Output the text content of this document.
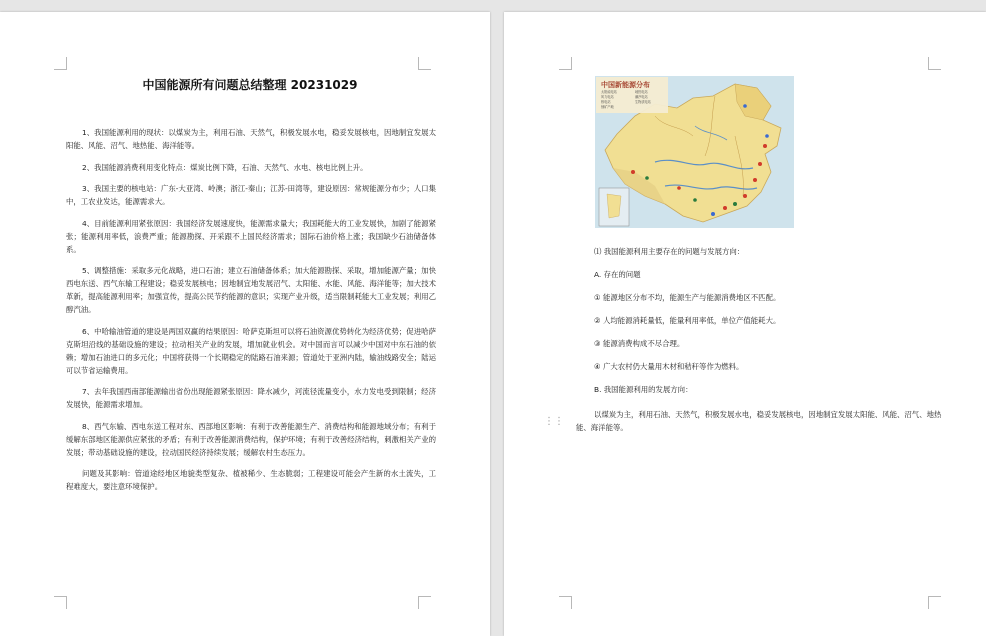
中国能源所有问题总结整理 20231029

1、我国能源利用的现状：以煤炭为主，利用石油、天然气，积极发展水电，稳妥发展核电，因地制宜发展太阳能、风能、沼气、地热能、海洋能等。

2、我国能源消费利用变化特点：煤炭比例下降，石油、天然气、水电、核电比例上升。

3、我国主要的核电站：广东-大亚湾、岭澳；浙江-秦山；江苏-田湾等，建设原因：常规能源分布少；人口集中，工农业发达，能源需求大。

4、目前能源利用紧张原因：我国经济发展速度快，能源需求量大；我国耗能大的工业发展快，加剧了能源紧张；能源利用率低，浪费严重；能源勘探、开采跟不上国民经济需求；国际石油价格上涨；我国缺少石油储备体系。

5、调整措施：采取多元化战略，进口石油；建立石油储备体系；加大能源勘探、采取，增加能源产量；加快西电东送、西气东输工程建设；稳妥发展核电；因地制宜地发展沼气、太阳能、水能、风能、海洋能等；加大技术革新，提高能源利用率；加强宣传，提高公民节约能源的意识；实现产业升级，适当限制耗能大工业发展；利用乙醇汽油。

6、中哈输油管道的建设是两国双赢的结果原因：哈萨克斯坦可以将石油资源优势转化为经济优势；促进哈萨克斯坦沿线的基础设施的建设；拉动相关产业的发展，增加就业机会。对中国而言可以减少中国对中东石油的依赖；增加石油进口的多元化；中国将获得一个长期稳定的陆路石油来源；管道处于亚洲内陆，输油线路安全；陆运可以节省运输费用。

7、去年我国西南部能源输出省份出现能源紧张原因：降水减少，河流径流量变小，水力发电受到限制；经济发展快，能源需求增加。

8、西气东输、西电东送工程对东、西部地区影响：有利于改善能源生产、消费结构和能源地域分布；有利于缓解东部地区能源供应紧张的矛盾；有利于改善能源消费结构，保护环境；有利于改善经济结构，刺激相关产业的发展；带动基础设施的建设，拉动国民经济持续发展；缓解农村生态压力。

问题及其影响：管道途经地区地貌类型复杂、植被稀少、生态脆弱；工程建设可能会产生新的水土流失，工程难度大，要注意环境保护。

中国新能源分布
太阳能电站	地热电站
风力电站	潮汐电站
核电站	生物质电站
铀矿产地
⑴ 我国能源利用主要存在的问题与发展方向：
A. 存在的问题
① 能源地区分布不均，能源生产与能源消费地区不匹配。
② 人均能源消耗量低，能量利用率低，单位产值能耗大。
③ 能源消费构成不尽合理。
④ 广大农村仍大量用木材和秸秆等作为燃料。
B. 我国能源利用的发展方向：
以煤炭为主，利用石油、天然气，积极发展水电，稳妥发展核电，因地制宜发展太阳能、风能、沼气、地热能、海洋能等。
⋮⋮
